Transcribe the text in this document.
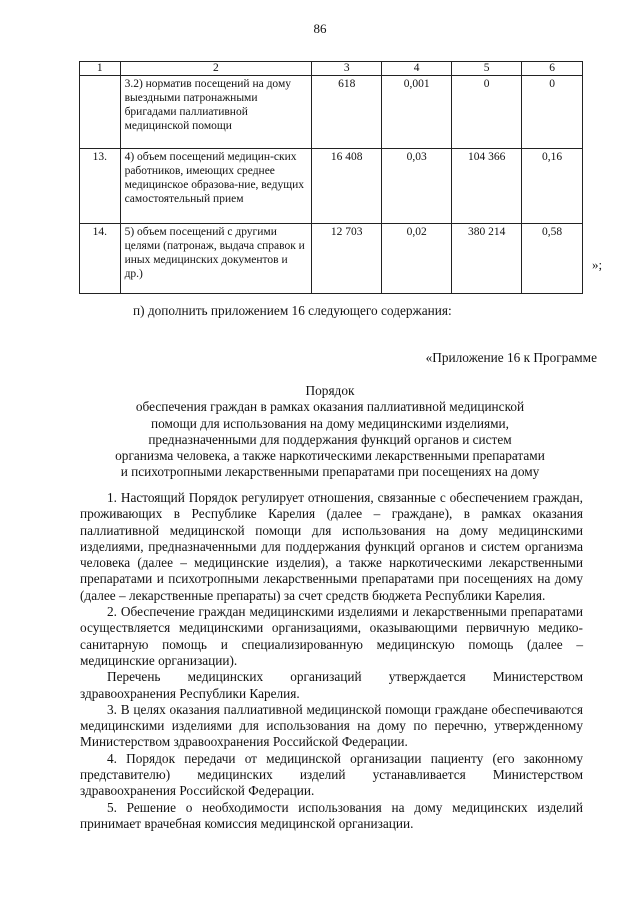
86
1	2	3	4	5	6
	3.2) норматив посещений на дому выездными патронажными бригадами паллиативной медицинской помощи	618	0,001	0	0
13.	4) объем посещений медицин-ских работников, имеющих среднее медицинское образова-ние, ведущих самостоятельный прием	16 408	0,03	104 366	0,16
14.	5) объем посещений с другими целями (патронаж, выдача справок и иных медицинских документов и др.)	12 703	0,02	380 214	0,58
»;
п) дополнить приложением 16 следующего содержания:
«Приложение 16 к Программе
Порядок
обеспечения граждан в рамках оказания паллиативной медицинской
помощи для использования на дому медицинскими изделиями,
предназначенными для поддержания функций органов и систем
организма человека, а также наркотическими лекарственными препаратами
и психотропными лекарственными препаратами при посещениях на дому

1. Настоящий Порядок регулирует отношения, связанные с обеспечением граждан, проживающих в Республике Карелия (далее – граждане), в рамках оказания паллиативной медицинской помощи для использования на дому медицинскими изделиями, предназначенными для поддержания функций органов и систем организма человека (далее – медицинские изделия), а также наркотическими лекарственными препаратами и психотропными лекарственными препаратами при посещениях на дому (далее – лекарственные препараты) за счет средств бюджета Республики Карелия.

2. Обеспечение граждан медицинскими изделиями и лекарственными препаратами осуществляется медицинскими организациями, оказывающими первичную медико-санитарную помощь и специализированную медицинскую помощь (далее – медицинские организации).

Перечень медицинских организаций утверждается Министерством здравоохранения Республики Карелия.

3. В целях оказания паллиативной медицинской помощи граждане обеспечиваются медицинскими изделиями для использования на дому по перечню, утвержденному Министерством здравоохранения Российской Федерации.

4. Порядок передачи от медицинской организации пациенту (его законному представителю) медицинских изделий устанавливается Министерством здравоохранения Российской Федерации.

5. Решение о необходимости использования на дому медицинских изделий принимает врачебная комиссия медицинской организации.
